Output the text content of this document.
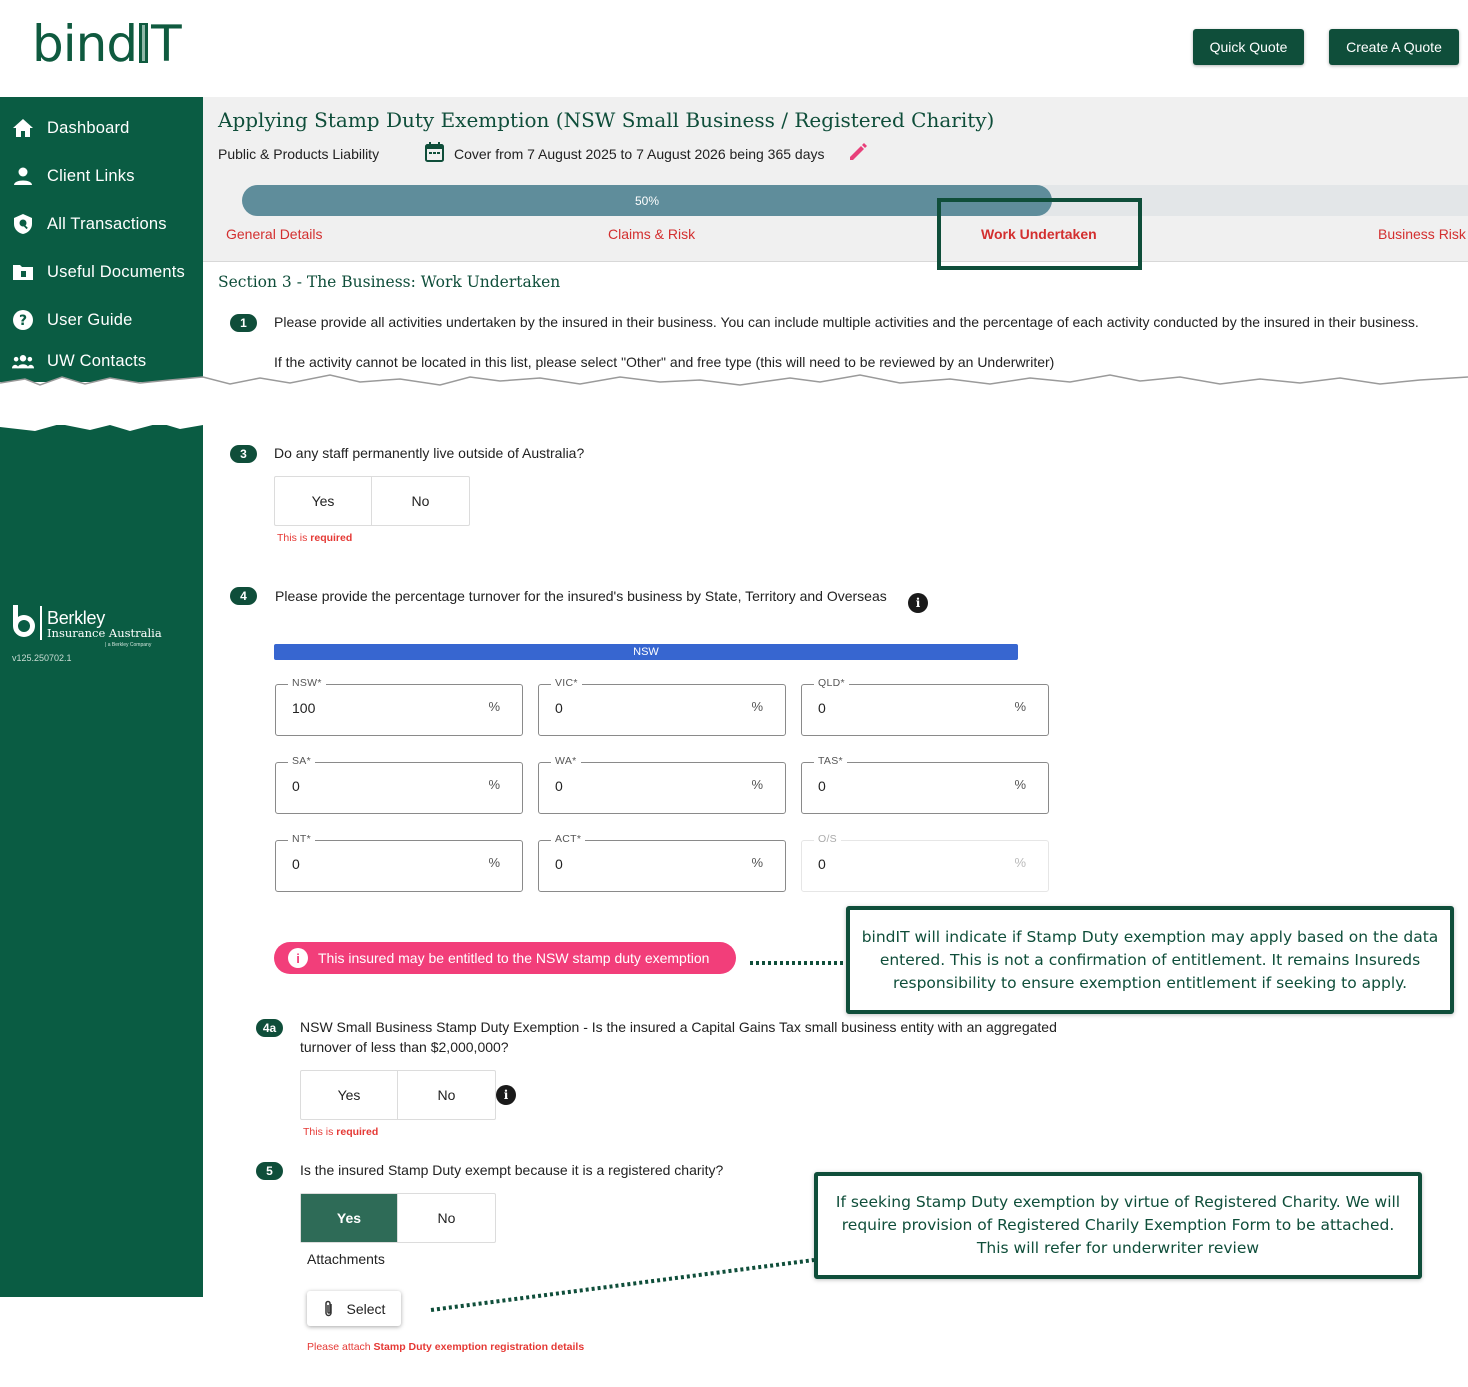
bind T	Quick Quote	Create A Quote
Dashboard
Client Links
All Transactions
Useful Documents
? User Guide
UW Contacts
Berkley
Insurance Australia
| a Berkley Company
v125.250702.1
Applying Stamp Duty Exemption (NSW Small Business / Registered Charity)
Public & Products Liability	Cover from 7 August 2025 to 7 August 2026 being 365 days
50%
General Details	Claims & Risk	Work Undertaken	Business Risk
Section 3 - The Business: Work Undertaken
1	Please provide all activities undertaken by the insured in their business. You can include multiple activities and the percentage of each activity conducted by the insured in their business.
If the activity cannot be located in this list, please select "Other" and free type (this will need to be reviewed by an Underwriter)
3	Do any staff permanently live outside of Australia?
Yes	No
This is required
4	Please provide the percentage turnover for the insured's business by State, Territory and Overseas	i
NSW
NSW*
100	%
VIC*
0	%
QLD*
0	%
SA*
0	%
WA*
0	%
TAS*
0	%
NT*
0	%
ACT*
0	%
O/S
0	%
i	This insured may be entitled to the NSW stamp duty exemption
bindIT will indicate if Stamp Duty exemption may apply based on the data
entered. This is not a confirmation of entitlement. It remains Insureds
responsibility to ensure exemption entitlement if seeking to apply.
4a	NSW Small Business Stamp Duty Exemption - Is the insured a Capital Gains Tax small business entity with an aggregated
turnover of less than $2,000,000?
Yes	No	i
This is required
5	Is the insured Stamp Duty exempt because it is a registered charity?
Yes	No
Attachments
Select
Please attach Stamp Duty exemption registration details
If seeking Stamp Duty exemption by virtue of Registered Charity. We will
require provision of Registered Charily Exemption Form to be attached.
This will refer for underwriter review
